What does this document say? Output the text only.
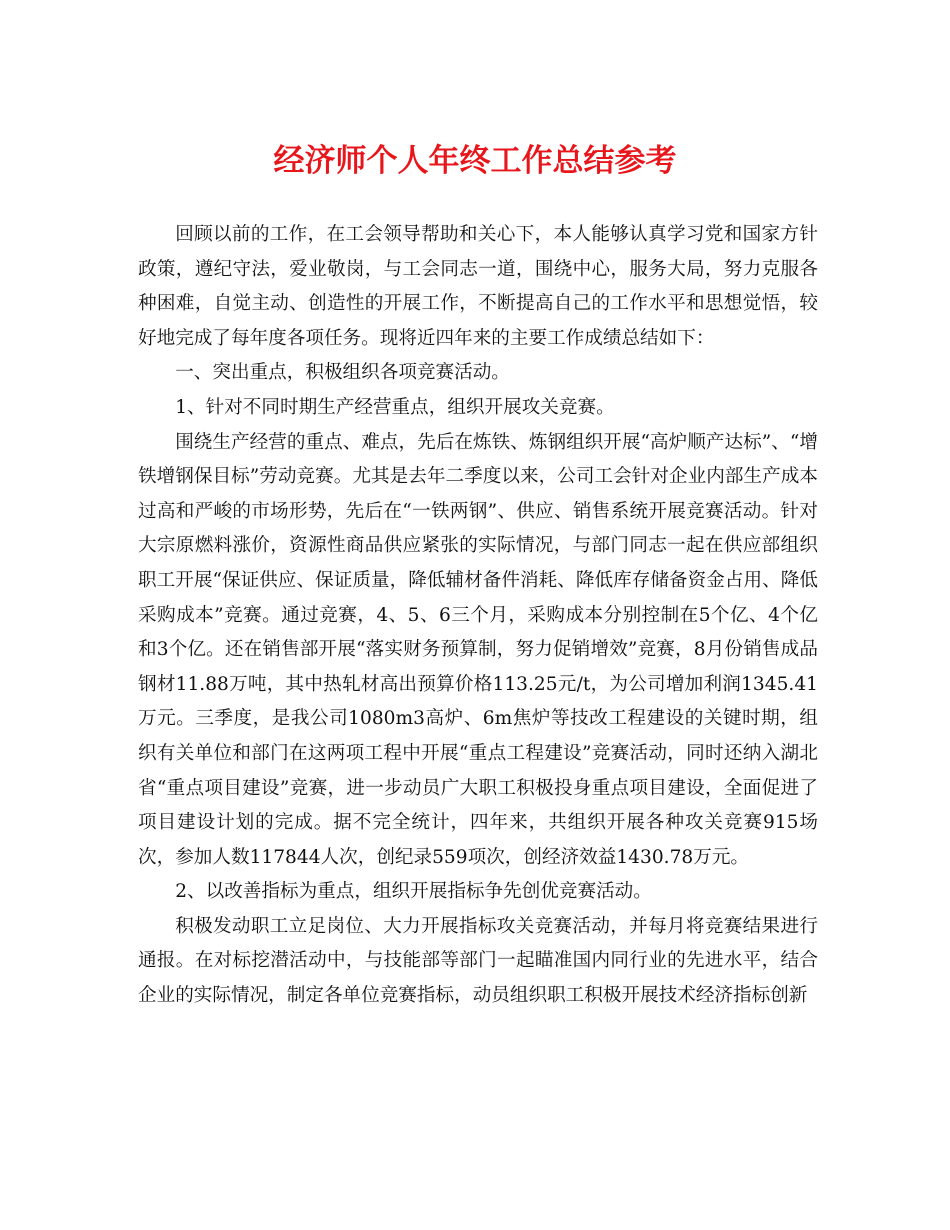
经济师个人年终工作总结参考

回顾以前的工作，在工会领导帮助和关心下，本人能够认真学习党和国家方针政策，遵纪守法，爱业敬岗，与工会同志一道，围绕中心，服务大局，努力克服各种困难，自觉主动、创造性的开展工作，不断提高自己的工作水平和思想觉悟，较好地完成了每年度各项任务。现将近四年来的主要工作成绩总结如下：

一、突出重点，积极组织各项竞赛活动。

1、针对不同时期生产经营重点，组织开展攻关竞赛。

围绕生产经营的重点、难点，先后在炼铁、炼钢组织开展“高炉顺产达标”、“增铁增钢保目标”劳动竞赛。尤其是去年二季度以来，公司工会针对企业内部生产成本过高和严峻的市场形势，先后在“一铁两钢”、供应、销售系统开展竞赛活动。针对大宗原燃料涨价，资源性商品供应紧张的实际情况，与部门同志一起在供应部组织职工开展“保证供应、保证质量，降低辅材备件消耗、降低库存储备资金占用、降低采购成本”竞赛。通过竞赛，4、5、6三个月，采购成本分别控制在5个亿、4个亿和3个亿。还在销售部开展“落实财务预算制，努力促销增效”竞赛，8月份销售成品钢材11.88万吨，其中热轧材高出预算价格113.25元/t，为公司增加利润1345.41万元。三季度，是我公司1080m3高炉、6m焦炉等技改工程建设的关键时期，组织有关单位和部门在这两项工程中开展“重点工程建设”竞赛活动，同时还纳入湖北省“重点项目建设”竞赛，进一步动员广大职工积极投身重点项目建设，全面促进了项目建设计划的完成。据不完全统计，四年来，共组织开展各种攻关竞赛915场次，参加人数117844人次，创纪录559项次，创经济效益1430.78万元。

2、以改善指标为重点，组织开展指标争先创优竞赛活动。

积极发动职工立足岗位、大力开展指标攻关竞赛活动，并每月将竞赛结果进行通报。在对标挖潜活动中，与技能部等部门一起瞄准国内同行业的先进水平，结合企业的实际情况，制定各单位竞赛指标，动员组织职工积极开展技术经济指标创新
